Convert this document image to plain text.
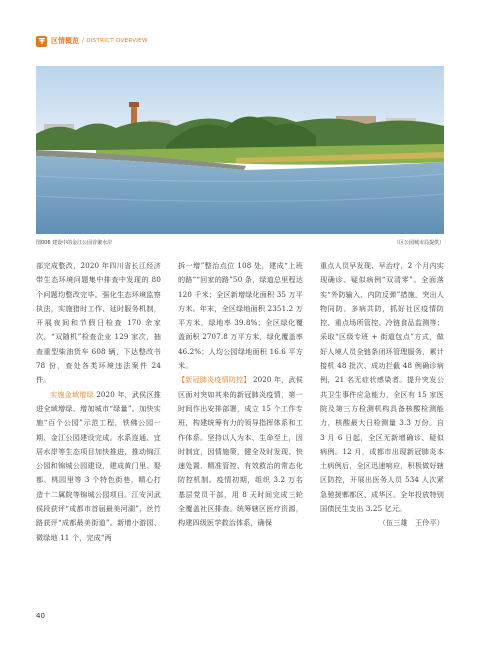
区情概览 / DISTRICT OVERVIEW
图006 建设中的金江公园首聚水岸	（区公园城市局提供）

部完成整改，2020 年四川省长江经济带生态环境问题集中排查中发现的 80 个问题均整改完毕。强化生态环境监察执法，实施猎时工作、延时服务机制，开展夜间和节假日检查 170 余家次，“双随机”检查企业 129 家次，抽查重型柴油货车 608 辆，下达整改书 78 份，查处各类环境违法案件 24 件。

实施金域增绿 2020 年，武侯区推进全域增绿、增加城市“绿量”。加快实施“百个公园”示范工程，铁佛公园一期、金江公园建设完成。水系连通、宜居水岸等生态项目加快推进，推动锦江公园和锦城公园建设，建成黄门里、娶都、桃园里等 3 个特色街巷，精心打造十二属院等锦城公园项目。江安河武侯段获评“成都市首届最美河湖”，丝竹路获评“成都最美街道”。新增小游园、微绿地 11 个，完成“两

拆一增”整治点位 108 处，建成“上班的路”“回家的路”50 条，绿道总里程达 120 千米；全区新增绿化面积 35 万平方米。年末，全区绿地面积 2351.2 万平方米，绿地率 39.8%；全区绿化覆盖面积 2707.8 万平方米，绿化覆盖率 46.2%；人均公园绿地面积 16.6 平方米。

【新冠肺炎疫情防控】 2020 年，武侯区面对突如其来的新冠肺炎疫情，第一时间作出安排部署，成立 15 个工作专班，构建统筹有力的领导指挥体系和工作体系。坚持以人为本、生命至上，因时制宜，因情施策，健全及时发现、快速处置、精准管控、有效救治的常态化防控机制。疫情初期，组织 3.2 万名基层党员干部，用 8 天时间完成三轮全覆盖社区排查。统筹辖区医疗资源，构建四级医学救治体系，确保

重点人员早发现、早治疗，2 个月内实现确诊、疑似病例“双清零”。全面落实“外防输入、内防反弹”措施，突出人物同防、多病共防，抓好社区疫情防控、重点场所管控、冷链食品监测等；采取“区级专班 + 街道包点”方式，做好人境人员全链条闭环管理服务，累计接机 48 批次、成功拦截 48 例确诊病例，21 名无症状感染者。提升突发公共卫生事件应急能力，全区有 15 家医院及第三方检测机构具备核酸检测能力，核酸最大日检测量 3.3 万份。自 3 月 6 日起，全区无新增确诊、疑似病例。12 月，成都市出现新冠肺炎本土病例后，全区迅速响应，积极做好辖区防控，开展出医务人员 534 人次紧急驰援郫都区、成华区。全年投放特别国债民生支出 3.25 亿元。

（伍三雄　王伶平）

40
